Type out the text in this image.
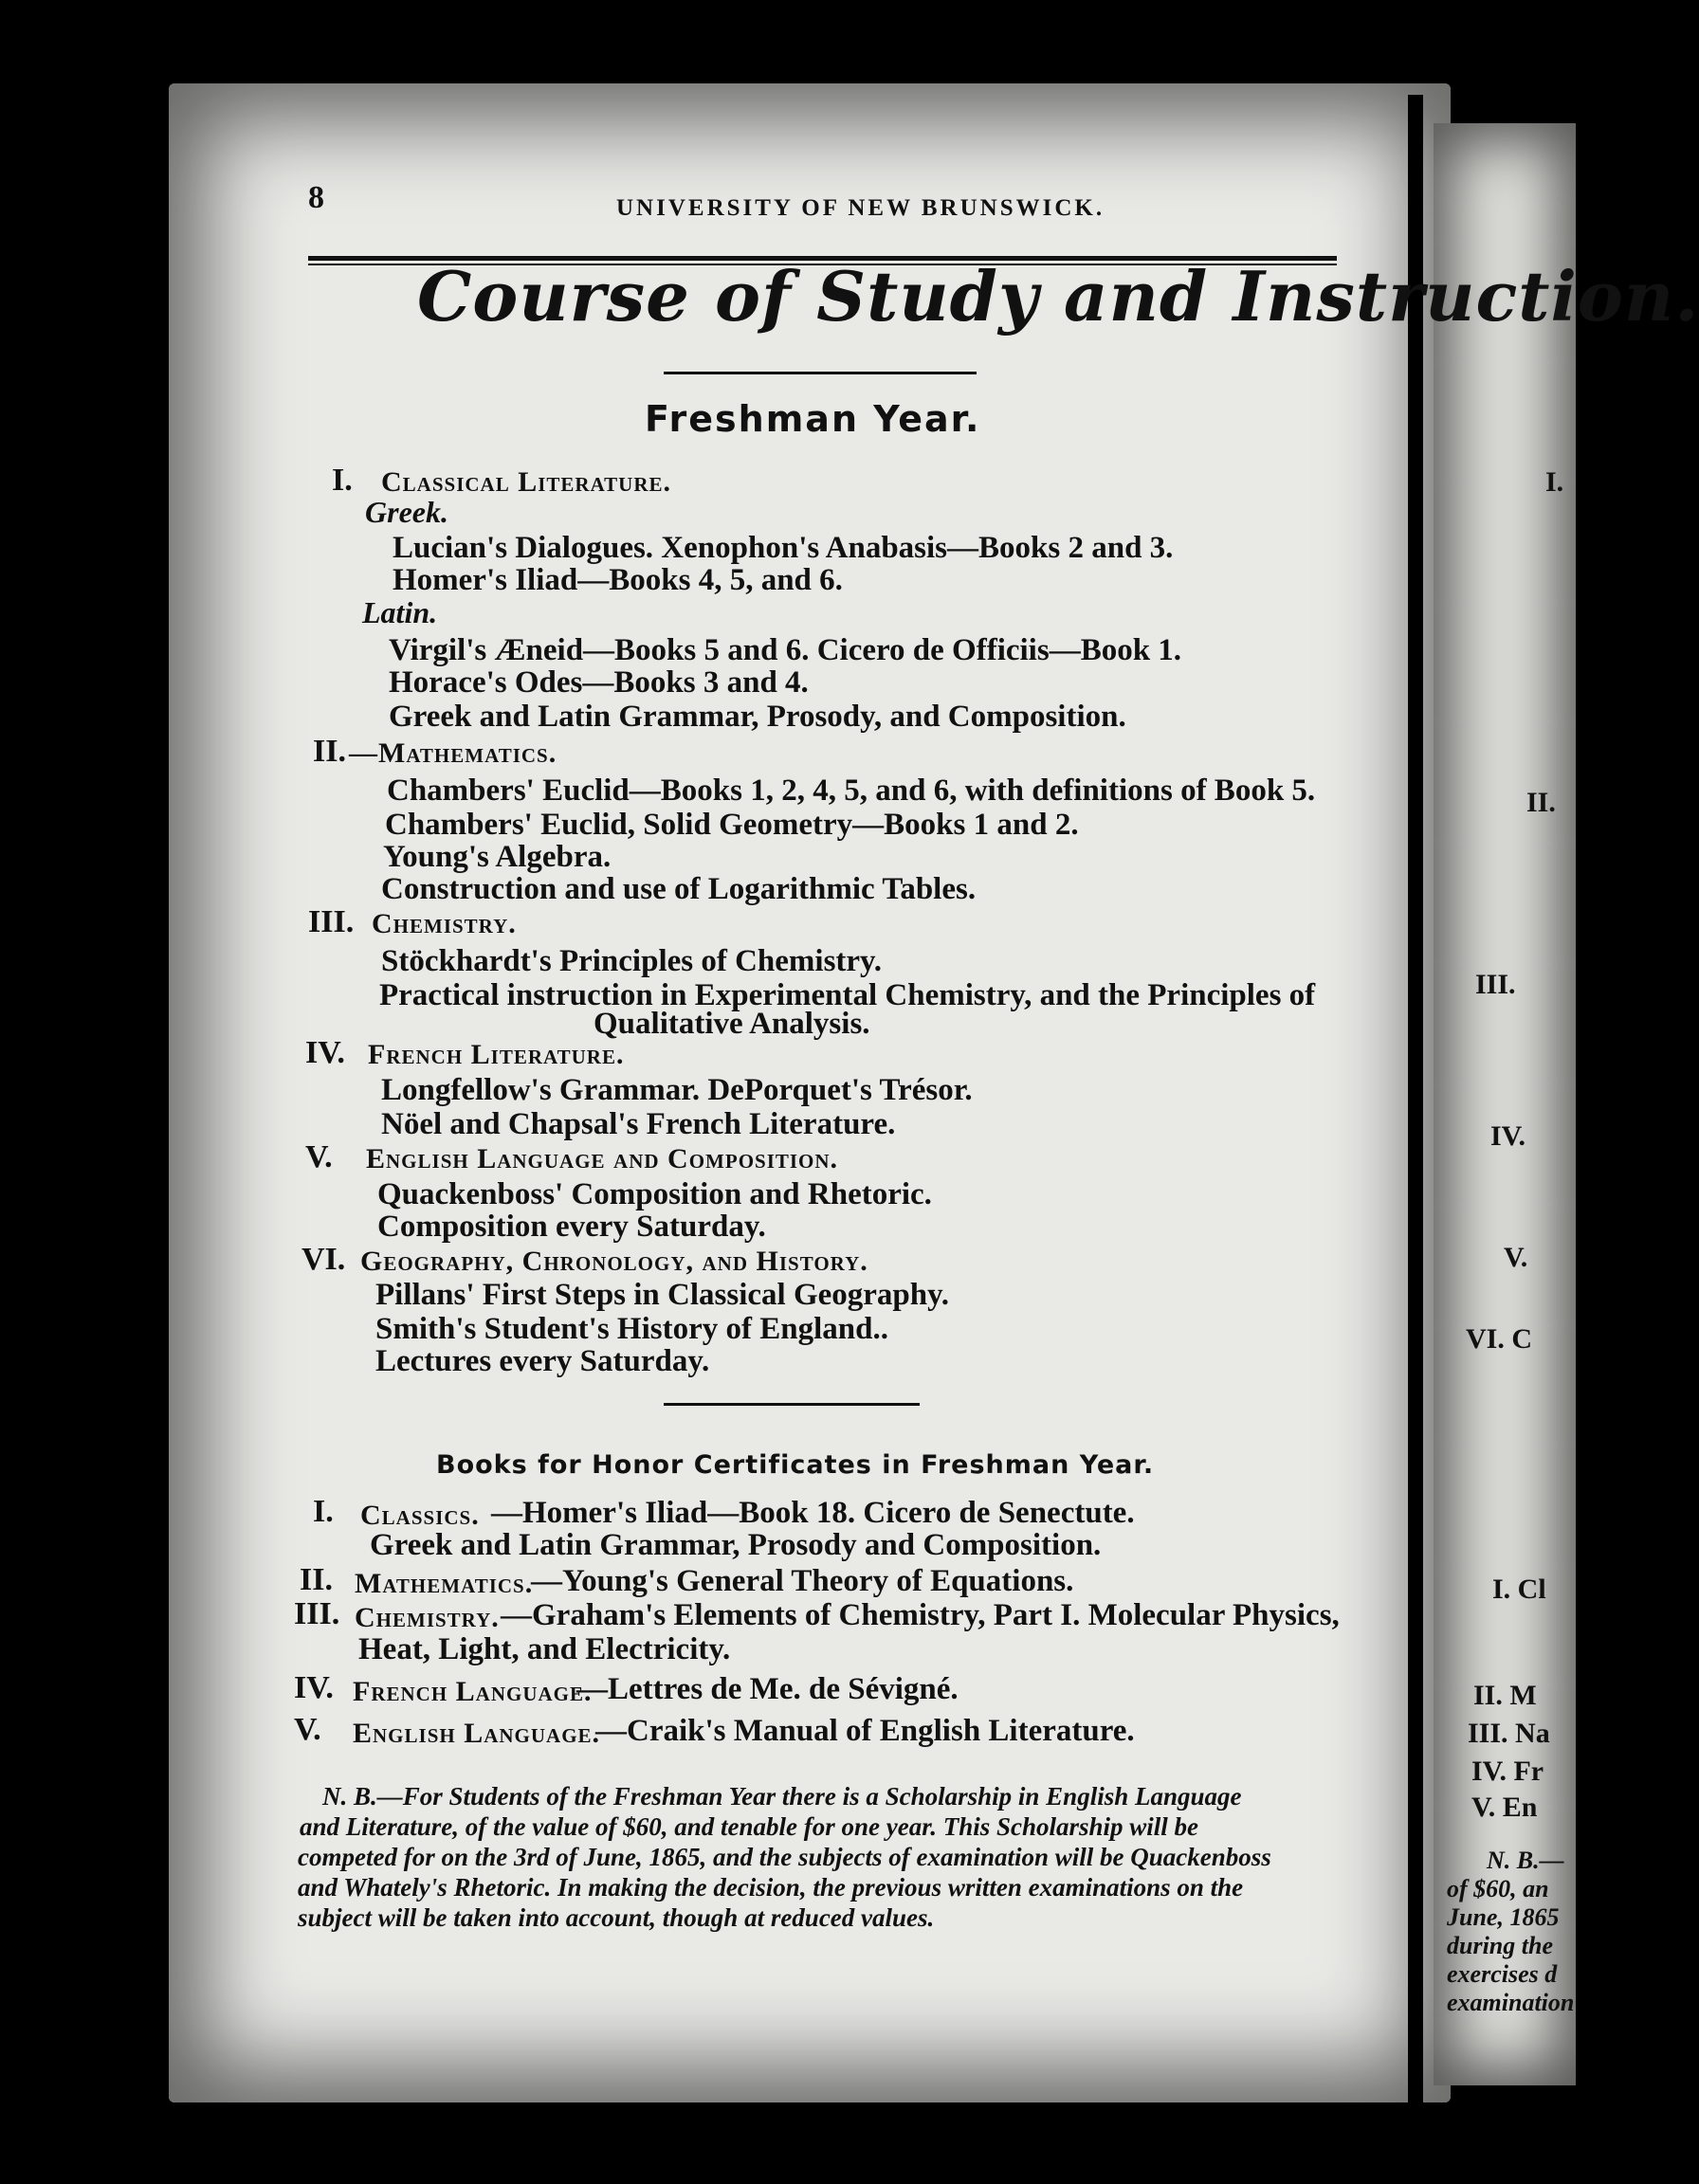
8	UNIVERSITY OF NEW BRUNSWICK.
Course of Study and Instruction.
Freshman Year.
I. Classical Literature.
Greek.
Lucian's Dialogues. Xenophon's Anabasis—Books 2 and 3.
Homer's Iliad—Books 4, 5, and 6.
Latin.
Virgil's Æneid—Books 5 and 6. Cicero de Officiis—Book 1.
Horace's Odes—Books 3 and 4.
Greek and Latin Grammar, Prosody, and Composition.
II. —Mathematics.
Chambers' Euclid—Books 1, 2, 4, 5, and 6, with definitions of Book 5.
Chambers' Euclid, Solid Geometry—Books 1 and 2.
Young's Algebra.
Construction and use of Logarithmic Tables.
III. Chemistry.
Stöckhardt's Principles of Chemistry.
Practical instruction in Experimental Chemistry, and the Principles of
Qualitative Analysis.
IV. French Literature.
Longfellow's Grammar. DePorquet's Trésor.
Nöel and Chapsal's French Literature.
V. English Language and Composition.
Quackenboss' Composition and Rhetoric.
Composition every Saturday.
VI. Geography, Chronology, and History.
Pillans' First Steps in Classical Geography.
Smith's Student's History of England..
Lectures every Saturday.
Books for Honor Certificates in Freshman Year.
I. Classics. —Homer's Iliad—Book 18. Cicero de Senectute.
Greek and Latin Grammar, Prosody and Composition.
II. Mathematics.
—Young's General Theory of Equations.
III. Chemistry. —Graham's Elements of Chemistry, Part I. Molecular Physics,
Heat, Light, and Electricity.
IV. French Language.
—Lettres de Me. de Sévigné.
V. English Language.
—Craik's Manual of English Literature.
N. B.—For Students of the Freshman Year there is a Scholarship in English Language
and Literature, of the value of $60, and tenable for one year. This Scholarship will be
competed for on the 3rd of June, 1865, and the subjects of examination will be Quackenboss
and Whately's Rhetoric. In making the decision, the previous written examinations on the
subject will be taken into account, though at reduced values.
I.
II.
III.
IV.
V.
VI. C
I. Cl
II. M
III. Na
IV. Fr
V. En
N. B.—
of $60, an
June, 1865
during the
exercises d
examination
